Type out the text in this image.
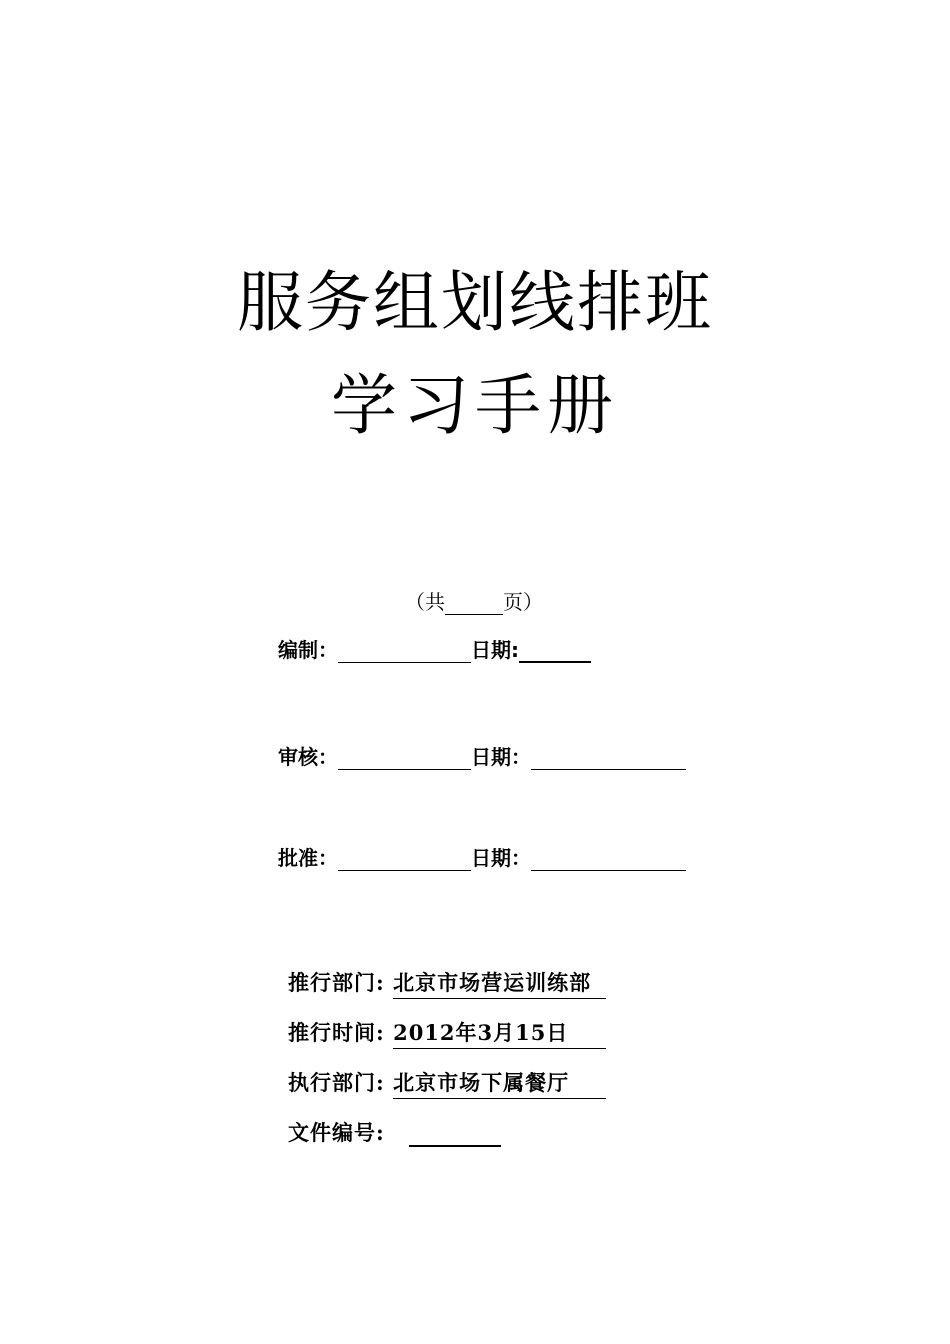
服务组划线排班
学习手册
（共	页）
编制：	日期:
审核：	日期：
批准：	日期：
推行部门: 北京市场营运训练部
推行时间: 2012年3月15日
执行部门: 北京市场下属餐厅
文件编号:
